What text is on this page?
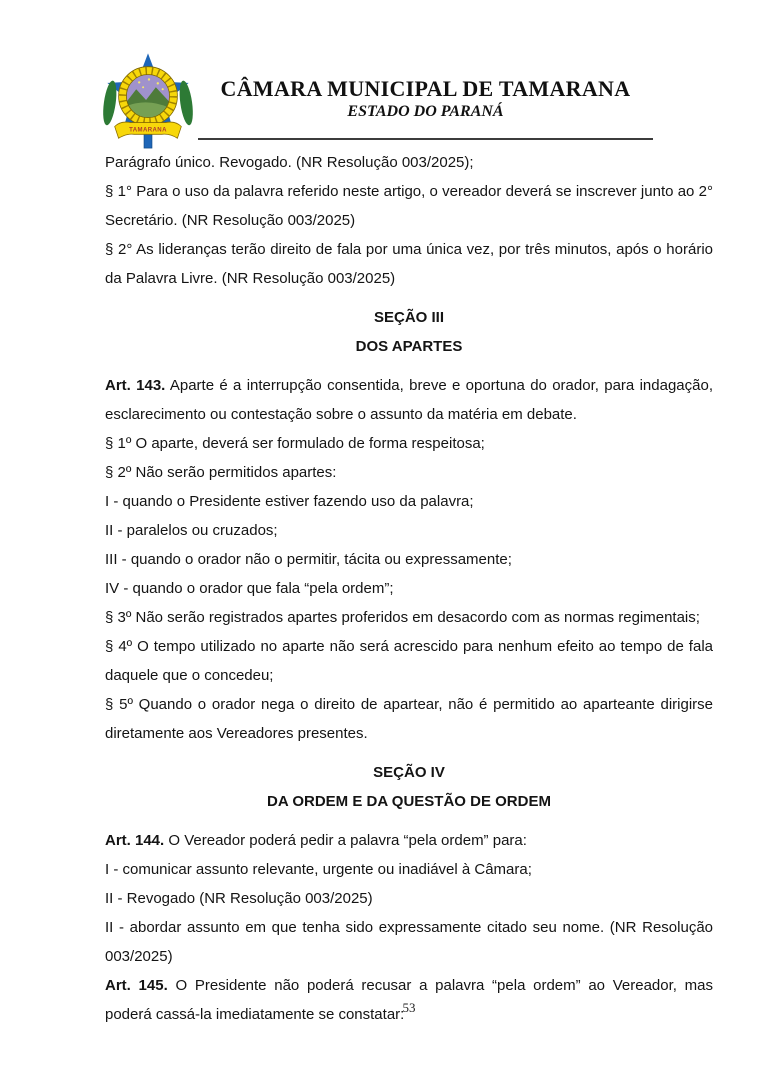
TAMARANA
CÂMARA MUNICIPAL DE TAMARANA
ESTADO DO PARANÁ

Parágrafo único. Revogado. (NR Resolução 003/2025);

§ 1° Para o uso da palavra referido neste artigo, o vereador deverá se inscrever junto ao 2° Secretário. (NR Resolução 003/2025)

§ 2° As lideranças terão direito de fala por uma única vez, por três minutos, após o horário da Palavra Livre. (NR Resolução 003/2025)

SEÇÃO III

DOS APARTES

Art. 143. Aparte é a interrupção consentida, breve e oportuna do orador, para indagação, esclarecimento ou contestação sobre o assunto da matéria em debate.

§ 1º O aparte, deverá ser formulado de forma respeitosa;

§ 2º Não serão permitidos apartes:

I - quando o Presidente estiver fazendo uso da palavra;

II - paralelos ou cruzados;

III - quando o orador não o permitir, tácita ou expressamente;

IV - quando o orador que fala “pela ordem”;

§ 3º Não serão registrados apartes proferidos em desacordo com as normas regimentais;

§ 4º O tempo utilizado no aparte não será acrescido para nenhum efeito ao tempo de fala daquele que o concedeu;

§ 5º Quando o orador nega o direito de apartear, não é permitido ao aparteante dirigirse diretamente aos Vereadores presentes.

SEÇÃO IV

DA ORDEM E DA QUESTÃO DE ORDEM

Art. 144. O Vereador poderá pedir a palavra “pela ordem” para:

I - comunicar assunto relevante, urgente ou inadiável à Câmara;

II - Revogado (NR Resolução 003/2025)

II - abordar assunto em que tenha sido expressamente citado seu nome. (NR Resolução 003/2025)

Art. 145. O Presidente não poderá recusar a palavra “pela ordem” ao Vereador, mas poderá cassá-la imediatamente se constatar:

53
